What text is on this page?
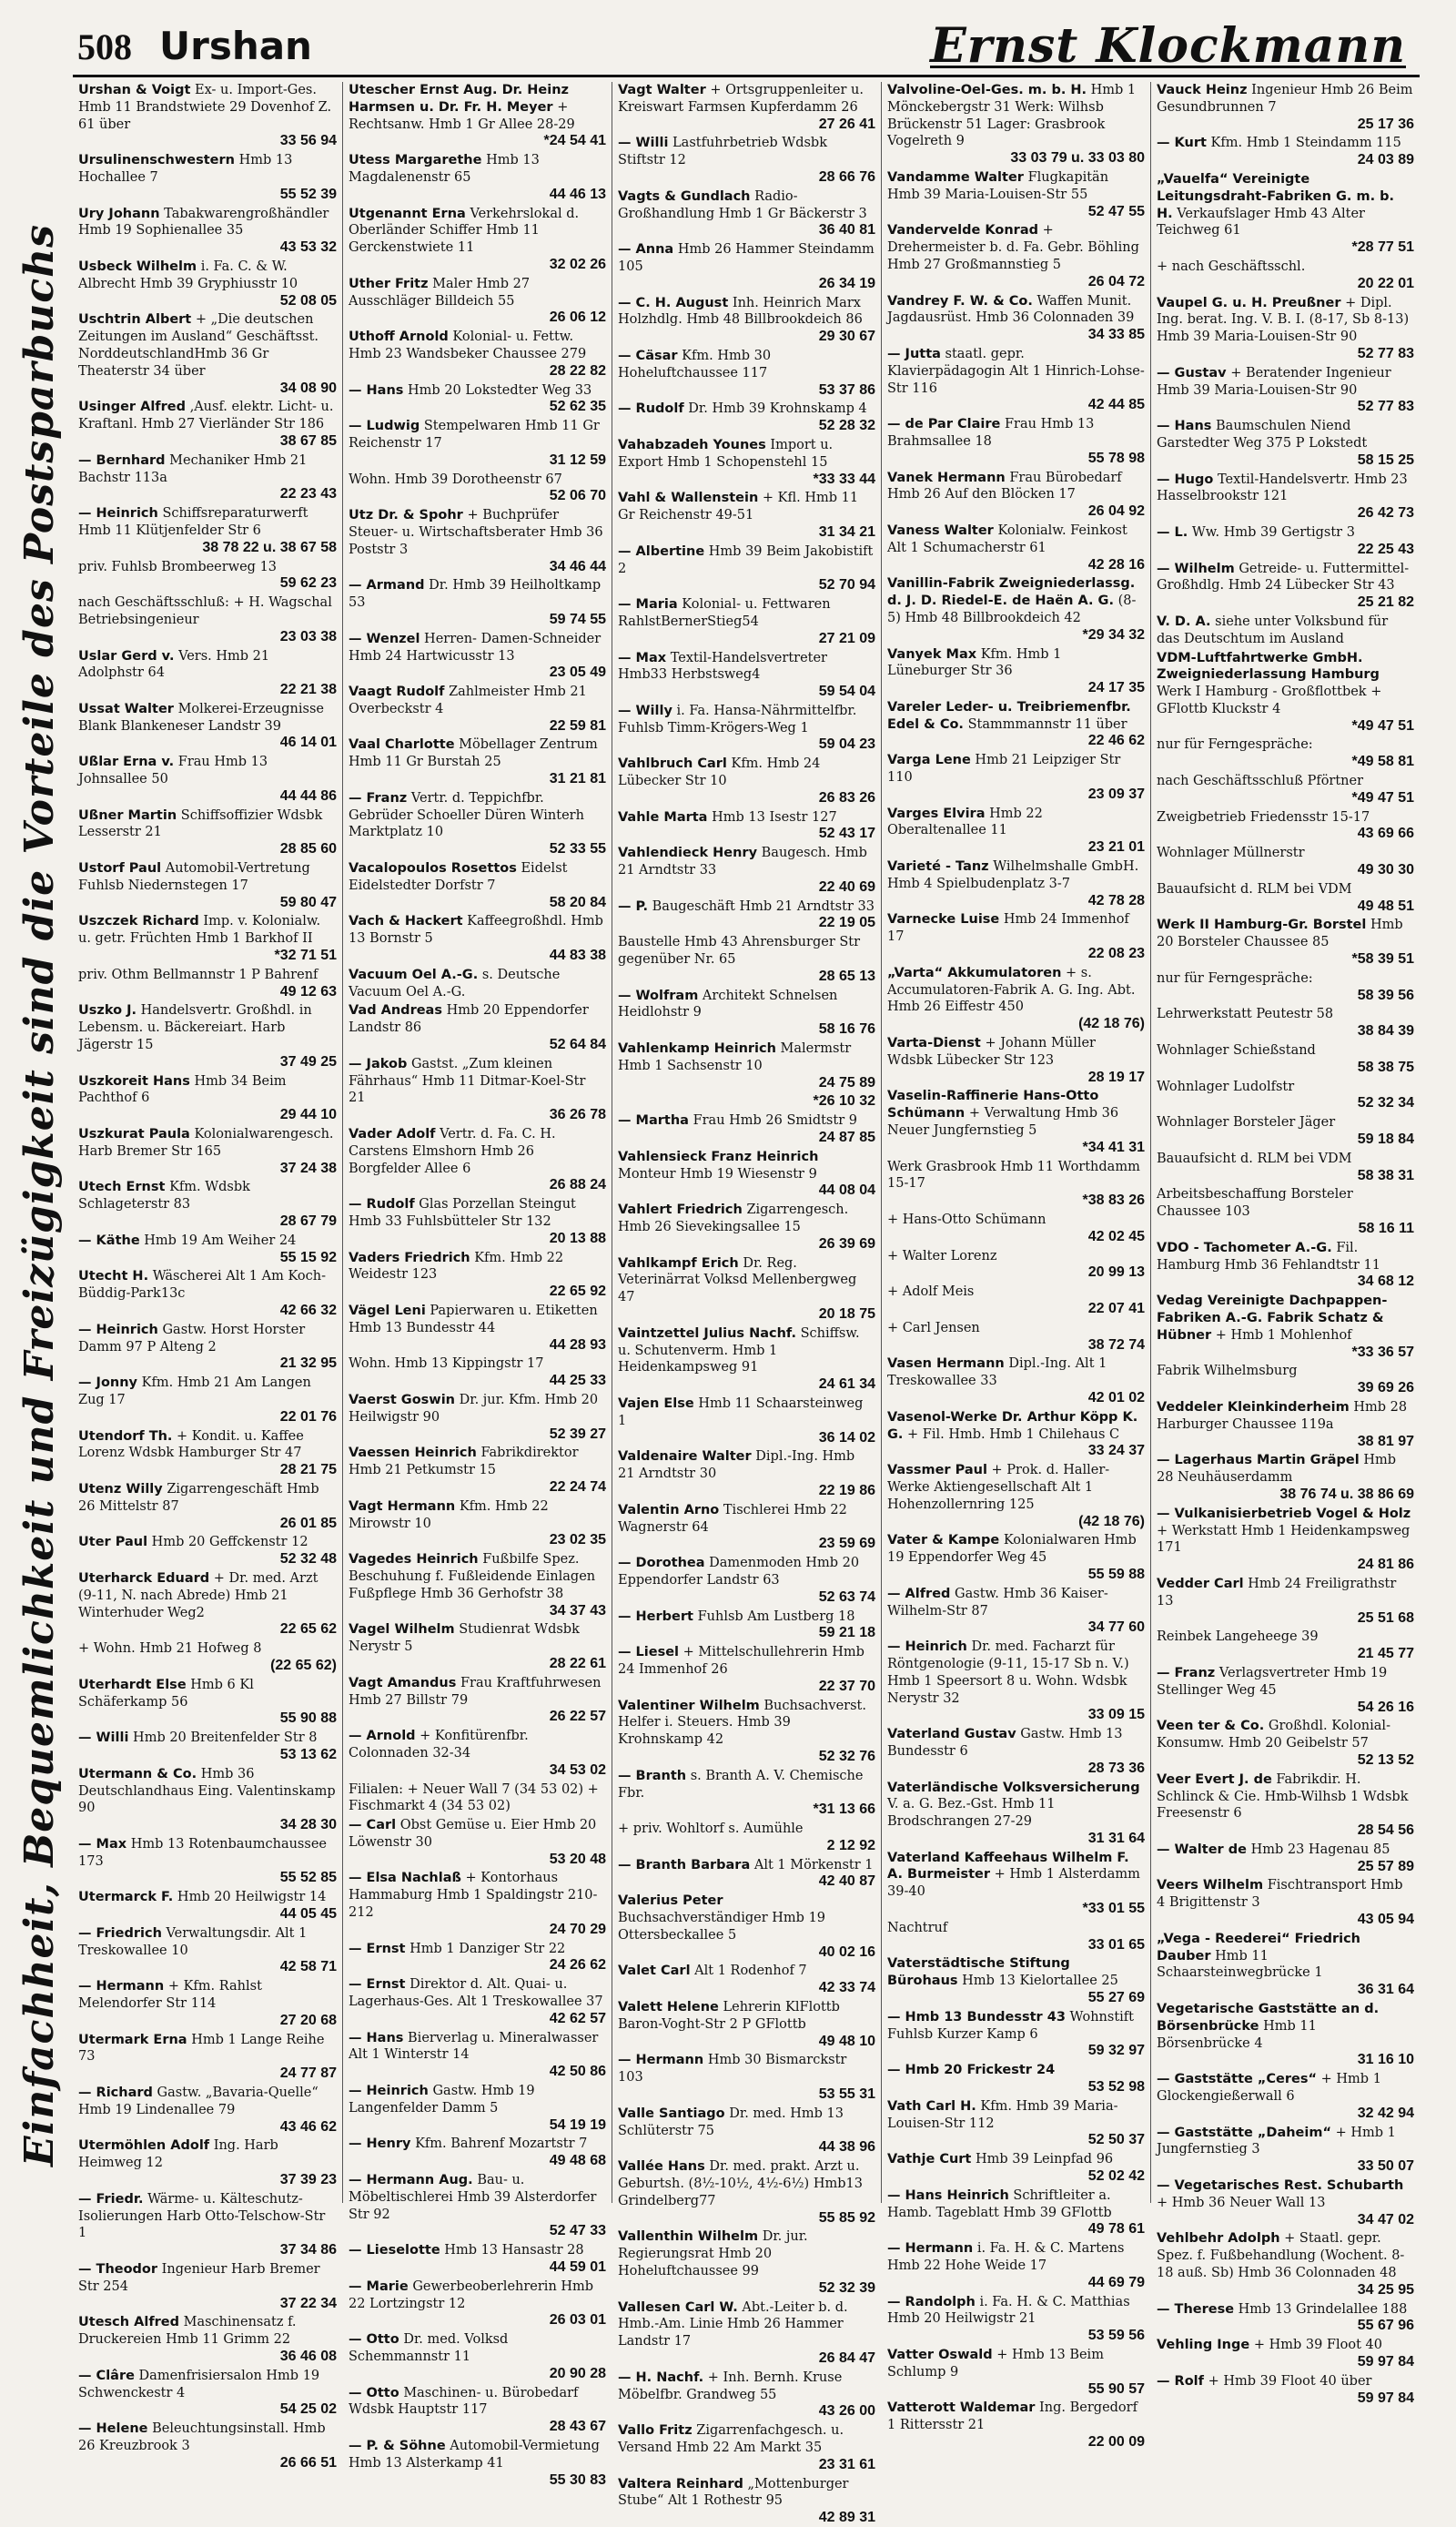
508 Urshan	Ernst Klockmann
Einfachheit, Bequemlichkeit und Freizügigkeit sind die Vorteile des Postsparbuchs
Urshan & Voigt Ex- u. Import-Ges. Hmb 11 Brandstwiete 29 Dovenhof Z. 61 über
33 56 94
Ursulinenschwestern Hmb 13 Hochallee 7
55 52 39
Ury Johann Tabakwarengroßhändler Hmb 19 Sophienallee 35
43 53 32
Usbeck Wilhelm i. Fa. C. & W. Albrecht Hmb 39 Gryphiusstr 10
52 08 05
Uschtrin Albert + „Die deutschen Zeitungen im Ausland“ Geschäftsst. NorddeutschlandHmb 36 Gr Theaterstr 34 über
34 08 90
Usinger Alfred ‚Ausf. elektr. Licht- u. Kraftanl. Hmb 27 Vierländer Str 186
38 67 85
— Bernhard Mechaniker Hmb 21 Bachstr 113a
22 23 43
— Heinrich Schiffsreparaturwerft Hmb 11 Klütjenfelder Str 6
38 78 22 u. 38 67 58
priv. Fuhlsb Brombeerweg 13
59 62 23
nach Geschäftsschluß: + H. Wagschal Betriebsingenieur
23 03 38
Uslar Gerd v. Vers. Hmb 21 Adolphstr 64
22 21 38
Ussat Walter Molkerei-Erzeugnisse Blank Blankeneser Landstr 39
46 14 01
Ußlar Erna v. Frau Hmb 13 Johnsallee 50
44 44 86
Ußner Martin Schiffsoffizier Wdsbk Lesserstr 21
28 85 60
Ustorf Paul Automobil-Vertretung Fuhlsb Niedernstegen 17
59 80 47
Uszczek Richard Imp. v. Kolonialw. u. getr. Früchten Hmb 1 Barkhof II
*32 71 51
priv. Othm Bellmannstr 1 P Bahrenf
49 12 63
Uszko J. Handelsvertr. Großhdl. in Lebensm. u. Bäckereiart. Harb Jägerstr 15
37 49 25
Uszkoreit Hans Hmb 34 Beim Pachthof 6
29 44 10
Uszkurat Paula Kolonialwarengesch. Harb Bremer Str 165
37 24 38
Utech Ernst Kfm. Wdsbk Schlageterstr 83
28 67 79
— Käthe Hmb 19 Am Weiher 24
55 15 92
Utecht H. Wäscherei Alt 1 Am Koch-Büddig-Park13c
42 66 32
— Heinrich Gastw. Horst Horster Damm 97 P Alteng 2
21 32 95
— Jonny Kfm. Hmb 21 Am Langen Zug 17
22 01 76
Utendorf Th. + Kondit. u. Kaffee Lorenz Wdsbk Hamburger Str 47
28 21 75
Utenz Willy Zigarrengeschäft Hmb 26 Mittelstr 87
26 01 85
Uter Paul Hmb 20 Geffckenstr 12
52 32 48
Uterharck Eduard + Dr. med. Arzt (9-11, N. nach Abrede) Hmb 21 Winterhuder Weg2
22 65 62
+ Wohn. Hmb 21 Hofweg 8
(22 65 62)
Uterhardt Else Hmb 6 Kl Schäferkamp 56
55 90 88
— Willi Hmb 20 Breitenfelder Str 8
53 13 62
Utermann & Co. Hmb 36 Deutschlandhaus Eing. Valentinskamp 90
34 28 30
— Max Hmb 13 Rotenbaumchaussee 173
55 52 85
Utermarck F. Hmb 20 Heilwigstr 14
44 05 45
— Friedrich Verwaltungsdir. Alt 1 Treskowallee 10
42 58 71
— Hermann + Kfm. Rahlst Melendorfer Str 114
27 20 68
Utermark Erna Hmb 1 Lange Reihe 73
24 77 87
— Richard Gastw. „Bavaria-Quelle“ Hmb 19 Lindenallee 79
43 46 62
Utermöhlen Adolf Ing. Harb Heimweg 12
37 39 23
— Friedr. Wärme- u. Kälteschutz-Isolierungen Harb Otto-Telschow-Str 1
37 34 86
— Theodor Ingenieur Harb Bremer Str 254
37 22 34
Utesch Alfred Maschinensatz f. Druckereien Hmb 11 Grimm 22
36 46 08
— Clâre Damenfrisiersalon Hmb 19 Schwenckestr 4
54 25 02
— Helene Beleuchtungsinstall. Hmb 26 Kreuzbrook 3
26 66 51
Utescher Ernst Aug. Dr. Heinz Harmsen u. Dr. Fr. H. Meyer + Rechtsanw. Hmb 1 Gr Allee 28-29
*24 54 41
Utess Margarethe Hmb 13 Magdalenenstr 65
44 46 13
Utgenannt Erna Verkehrslokal d. Oberländer Schiffer Hmb 11 Gerckenstwiete 11
32 02 26
Uther Fritz Maler Hmb 27 Ausschläger Billdeich 55
26 06 12
Uthoff Arnold Kolonial- u. Fettw. Hmb 23 Wandsbeker Chaussee 279
28 22 82
— Hans Hmb 20 Lokstedter Weg 33
52 62 35
— Ludwig Stempelwaren Hmb 11 Gr Reichenstr 17
31 12 59
Wohn. Hmb 39 Dorotheenstr 67
52 06 70
Utz Dr. & Spohr + Buchprüfer Steuer- u. Wirtschaftsberater Hmb 36 Poststr 3
34 46 44
— Armand Dr. Hmb 39 Heilholtkamp 53
59 74 55
— Wenzel Herren- Damen-Schneider Hmb 24 Hartwicusstr 13
23 05 49
Vaagt Rudolf Zahlmeister Hmb 21 Overbeckstr 4
22 59 81
Vaal Charlotte Möbellager Zentrum Hmb 11 Gr Burstah 25
31 21 81
— Franz Vertr. d. Teppichfbr. Gebrüder Schoeller Düren Winterh Marktplatz 10
52 33 55
Vacalopoulos Rosettos Eidelst Eidelstedter Dorfstr 7
58 20 84
Vach & Hackert Kaffeegroßhdl. Hmb 13 Bornstr 5
44 83 38
Vacuum Oel A.-G. s. Deutsche Vacuum Oel A.-G.
Vad Andreas Hmb 20 Eppendorfer Landstr 86
52 64 84
— Jakob Gastst. „Zum kleinen Fährhaus“ Hmb 11 Ditmar-Koel-Str 21
36 26 78
Vader Adolf Vertr. d. Fa. C. H. Carstens Elmshorn Hmb 26 Borgfelder Allee 6
26 88 24
— Rudolf Glas Porzellan Steingut Hmb 33 Fuhlsbütteler Str 132
20 13 88
Vaders Friedrich Kfm. Hmb 22 Weidestr 123
22 65 92
Vägel Leni Papierwaren u. Etiketten Hmb 13 Bundesstr 44
44 28 93
Wohn. Hmb 13 Kippingstr 17
44 25 33
Vaerst Goswin Dr. jur. Kfm. Hmb 20 Heilwigstr 90
52 39 27
Vaessen Heinrich Fabrikdirektor Hmb 21 Petkumstr 15
22 24 74
Vagt Hermann Kfm. Hmb 22 Mirowstr 10
23 02 35
Vagedes Heinrich Fußbilfe Spez. Beschuhung f. Fußleidende Einlagen Fußpflege Hmb 36 Gerhofstr 38
34 37 43
Vagel Wilhelm Studienrat Wdsbk Nerystr 5
28 22 61
Vagt Amandus Frau Kraftfuhrwesen Hmb 27 Billstr 79
26 22 57
— Arnold + Konfitürenfbr. Colonnaden 32-34
34 53 02
Filialen: + Neuer Wall 7 (34 53 02) + Fischmarkt 4 (34 53 02)
— Carl Obst Gemüse u. Eier Hmb 20 Löwenstr 30
53 20 48
— Elsa Nachlaß + Kontorhaus Hammaburg Hmb 1 Spaldingstr 210-212
24 70 29
— Ernst Hmb 1 Danziger Str 22
24 26 62
— Ernst Direktor d. Alt. Quai- u. Lagerhaus-Ges. Alt 1 Treskowallee 37
42 62 57
— Hans Bierverlag u. Mineralwasser Alt 1 Winterstr 14
42 50 86
— Heinrich Gastw. Hmb 19 Langenfelder Damm 5
54 19 19
— Henry Kfm. Bahrenf Mozartstr 7
49 48 68
— Hermann Aug. Bau- u. Möbeltischlerei Hmb 39 Alsterdorfer Str 92
52 47 33
— Lieselotte Hmb 13 Hansastr 28
44 59 01
— Marie Gewerbeoberlehrerin Hmb 22 Lortzingstr 12
26 03 01
— Otto Dr. med. Volksd Schemmannstr 11
20 90 28
— Otto Maschinen- u. Bürobedarf Wdsbk Hauptstr 117
28 43 67
— P. & Söhne Automobil-Vermietung Hmb 13 Alsterkamp 41
55 30 83
Vagt Walter + Ortsgruppenleiter u. Kreiswart Farmsen Kupferdamm 26
27 26 41
— Willi Lastfuhrbetrieb Wdsbk Stiftstr 12
28 66 76
Vagts & Gundlach Radio-Großhandlung Hmb 1 Gr Bäckerstr 3
36 40 81
— Anna Hmb 26 Hammer Steindamm 105
26 34 19
— C. H. August Inh. Heinrich Marx Holzhdlg. Hmb 48 Billbrookdeich 86
29 30 67
— Cäsar Kfm. Hmb 30 Hoheluftchaussee 117
53 37 86
— Rudolf Dr. Hmb 39 Krohnskamp 4
52 28 32
Vahabzadeh Younes Import u. Export Hmb 1 Schopenstehl 15
*33 33 44
Vahl & Wallenstein + Kfl. Hmb 11 Gr Reichenstr 49-51
31 34 21
— Albertine Hmb 39 Beim Jakobistift 2
52 70 94
— Maria Kolonial- u. Fettwaren RahlstBernerStieg54
27 21 09
— Max Textil-Handelsvertreter Hmb33 Herbstsweg4
59 54 04
— Willy i. Fa. Hansa-Nährmittelfbr. Fuhlsb Timm-Krögers-Weg 1
59 04 23
Vahlbruch Carl Kfm. Hmb 24 Lübecker Str 10
26 83 26
Vahle Marta Hmb 13 Isestr 127
52 43 17
Vahlendieck Henry Baugesch. Hmb 21 Arndtstr 33
22 40 69
— P. Baugeschäft Hmb 21 Arndtstr 33
22 19 05
Baustelle Hmb 43 Ahrensburger Str gegenüber Nr. 65
28 65 13
— Wolfram Architekt Schnelsen Heidlohstr 9
58 16 76
Vahlenkamp Heinrich Malermstr Hmb 1 Sachsenstr 10
24 75 89
*26 10 32
— Martha Frau Hmb 26 Smidtstr 9
24 87 85
Vahlensieck Franz Heinrich Monteur Hmb 19 Wiesenstr 9
44 08 04
Vahlert Friedrich Zigarrengesch. Hmb 26 Sievekingsallee 15
26 39 69
Vahlkampf Erich Dr. Reg. Veterinärrat Volksd Mellenbergweg 47
20 18 75
Vaintzettel Julius Nachf. Schiffsw. u. Schutenverm. Hmb 1 Heidenkampsweg 91
24 61 34
Vajen Else Hmb 11 Schaarsteinweg 1
36 14 02
Valdenaire Walter Dipl.-Ing. Hmb 21 Arndtstr 30
22 19 86
Valentin Arno Tischlerei Hmb 22 Wagnerstr 64
23 59 69
— Dorothea Damenmoden Hmb 20 Eppendorfer Landstr 63
52 63 74
— Herbert Fuhlsb Am Lustberg 18
59 21 18
— Liesel + Mittelschullehrerin Hmb 24 Immenhof 26
22 37 70
Valentiner Wilhelm Buchsachverst. Helfer i. Steuers. Hmb 39 Krohnskamp 42
52 32 76
— Branth s. Branth A. V. Chemische Fbr.
*31 13 66
+ priv. Wohltorf s. Aumühle
2 12 92
— Branth Barbara Alt 1 Mörkenstr 1
42 40 87
Valerius Peter Buchsachverständiger Hmb 19 Ottersbeckallee 5
40 02 16
Valet Carl Alt 1 Rodenhof 7
42 33 74
Valett Helene Lehrerin KlFlottb Baron-Voght-Str 2 P GFlottb
49 48 10
— Hermann Hmb 30 Bismarckstr 103
53 55 31
Valle Santiago Dr. med. Hmb 13 Schlüterstr 75
44 38 96
Vallée Hans Dr. med. prakt. Arzt u. Geburtsh. (8½-10½, 4½-6½) Hmb13 Grindelberg77
55 85 92
Vallenthin Wilhelm Dr. jur. Regierungsrat Hmb 20 Hoheluftchaussee 99
52 32 39
Vallesen Carl W. Abt.-Leiter b. d. Hmb.-Am. Linie Hmb 26 Hammer Landstr 17
26 84 47
— H. Nachf. + Inh. Bernh. Kruse Möbelfbr. Grandweg 55
43 26 00
Vallo Fritz Zigarrenfachgesch. u. Versand Hmb 22 Am Markt 35
23 31 61
Valtera Reinhard „Mottenburger Stube“ Alt 1 Rothestr 95
42 89 31
Valvoline-Oel-Ges. m. b. H. Hmb 1 Mönckebergstr 31 Werk: Wilhsb Brückenstr 51 Lager: Grasbrook Vogelreth 9
33 03 79 u. 33 03 80
Vandamme Walter Flugkapitän Hmb 39 Maria-Louisen-Str 55
52 47 55
Vandervelde Konrad + Drehermeister b. d. Fa. Gebr. Böhling Hmb 27 Großmannstieg 5
26 04 72
Vandrey F. W. & Co. Waffen Munit. Jagdausrüst. Hmb 36 Colonnaden 39
34 33 85
— Jutta staatl. gepr. Klavierpädagogin Alt 1 Hinrich-Lohse-Str 116
42 44 85
— de Par Claire Frau Hmb 13 Brahmsallee 18
55 78 98
Vanek Hermann Frau Bürobedarf Hmb 26 Auf den Blöcken 17
26 04 92
Vaness Walter Kolonialw. Feinkost Alt 1 Schumacherstr 61
42 28 16
Vanillin-Fabrik Zweigniederlassg. d. J. D. Riedel-E. de Haën A. G. (8-5) Hmb 48 Billbrookdeich 42
*29 34 32
Vanyek Max Kfm. Hmb 1 Lüneburger Str 36
24 17 35
Vareler Leder- u. Treibriemenfbr. Edel & Co. Stammmannstr 11 über
22 46 62
Varga Lene Hmb 21 Leipziger Str 110
23 09 37
Varges Elvira Hmb 22 Oberaltenallee 11
23 21 01
Varieté - Tanz Wilhelmshalle GmbH. Hmb 4 Spielbudenplatz 3-7
42 78 28
Varnecke Luise Hmb 24 Immenhof 17
22 08 23
„Varta“ Akkumulatoren + s. Accumulatoren-Fabrik A. G. Ing. Abt. Hmb 26 Eiffestr 450
(42 18 76)
Varta-Dienst + Johann Müller Wdsbk Lübecker Str 123
28 19 17
Vaselin-Raffinerie Hans-Otto Schümann + Verwaltung Hmb 36 Neuer Jungfernstieg 5
*34 41 31
Werk Grasbrook Hmb 11 Worthdamm 15-17
*38 83 26
+ Hans-Otto Schümann
42 02 45
+ Walter Lorenz
20 99 13
+ Adolf Meis
22 07 41
+ Carl Jensen
38 72 74
Vasen Hermann Dipl.-Ing. Alt 1 Treskowallee 33
42 01 02
Vasenol-Werke Dr. Arthur Köpp K. G. + Fil. Hmb. Hmb 1 Chilehaus C
33 24 37
Vassmer Paul + Prok. d. Haller-Werke Aktiengesellschaft Alt 1 Hohenzollernring 125
(42 18 76)
Vater & Kampe Kolonialwaren Hmb 19 Eppendorfer Weg 45
55 59 88
— Alfred Gastw. Hmb 36 Kaiser-Wilhelm-Str 87
34 77 60
— Heinrich Dr. med. Facharzt für Röntgenologie (9-11, 15-17 Sb n. V.) Hmb 1 Speersort 8 u. Wohn. Wdsbk Nerystr 32
33 09 15
Vaterland Gustav Gastw. Hmb 13 Bundesstr 6
28 73 36
Vaterländische Volksversicherung V. a. G. Bez.-Gst. Hmb 11 Brodschrangen 27-29
31 31 64
Vaterland Kaffeehaus Wilhelm F. A. Burmeister + Hmb 1 Alsterdamm 39-40
*33 01 55
Nachtruf
33 01 65
Vaterstädtische Stiftung Bürohaus Hmb 13 Kielortallee 25
55 27 69
— Hmb 13 Bundesstr 43 Wohnstift Fuhlsb Kurzer Kamp 6
59 32 97
— Hmb 20 Frickestr 24
53 52 98
Vath Carl H. Kfm. Hmb 39 Maria-Louisen-Str 112
52 50 37
Vathje Curt Hmb 39 Leinpfad 96
52 02 42
— Hans Heinrich Schriftleiter a. Hamb. Tageblatt Hmb 39 GFlottb
49 78 61
— Hermann i. Fa. H. & C. Martens Hmb 22 Hohe Weide 17
44 69 79
— Randolph i. Fa. H. & C. Matthias Hmb 20 Heilwigstr 21
53 59 56
Vatter Oswald + Hmb 13 Beim Schlump 9
55 90 57
Vatterott Waldemar Ing. Bergedorf 1 Rittersstr 21
22 00 09
Vauck Heinz Ingenieur Hmb 26 Beim Gesundbrunnen 7
25 17 36
— Kurt Kfm. Hmb 1 Steindamm 115
24 03 89
„Vauelfa“ Vereinigte Leitungsdraht-Fabriken G. m. b. H. Verkaufslager Hmb 43 Alter Teichweg 61
*28 77 51
+ nach Geschäftsschl.
20 22 01
Vaupel G. u. H. Preußner + Dipl. Ing. berat. Ing. V. B. I. (8-17, Sb 8-13) Hmb 39 Maria-Louisen-Str 90
52 77 83
— Gustav + Beratender Ingenieur Hmb 39 Maria-Louisen-Str 90
52 77 83
— Hans Baumschulen Niend Garstedter Weg 375 P Lokstedt
58 15 25
— Hugo Textil-Handelsvertr. Hmb 23 Hasselbrookstr 121
26 42 73
— L. Ww. Hmb 39 Gertigstr 3
22 25 43
— Wilhelm Getreide- u. Futtermittel-Großhdlg. Hmb 24 Lübecker Str 43
25 21 82
V. D. A. siehe unter Volksbund für das Deutschtum im Ausland
VDM-Luftfahrtwerke GmbH. Zweigniederlassung Hamburg Werk I Hamburg - Großflottbek + GFlottb Kluckstr 4
*49 47 51
nur für Ferngespräche:
*49 58 81
nach Geschäftsschluß Pförtner
*49 47 51
Zweigbetrieb Friedensstr 15-17
43 69 66
Wohnlager Müllnerstr
49 30 30
Bauaufsicht d. RLM bei VDM
49 48 51
Werk II Hamburg-Gr. Borstel Hmb 20 Borsteler Chaussee 85
*58 39 51
nur für Ferngespräche:
58 39 56
Lehrwerkstatt Peutestr 58
38 84 39
Wohnlager Schießstand
58 38 75
Wohnlager Ludolfstr
52 32 34
Wohnlager Borsteler Jäger
59 18 84
Bauaufsicht d. RLM bei VDM
58 38 31
Arbeitsbeschaffung Borsteler Chaussee 103
58 16 11
VDO - Tachometer A.-G. Fil. Hamburg Hmb 36 Fehlandtstr 11
34 68 12
Vedag Vereinigte Dachpappen-Fabriken A.-G. Fabrik Schatz & Hübner + Hmb 1 Mohlenhof
*33 36 57
Fabrik Wilhelmsburg
39 69 26
Veddeler Kleinkinderheim Hmb 28 Harburger Chaussee 119a
38 81 97
— Lagerhaus Martin Gräpel Hmb 28 Neuhäuserdamm
38 76 74 u. 38 86 69
— Vulkanisierbetrieb Vogel & Holz + Werkstatt Hmb 1 Heidenkampsweg 171
24 81 86
Vedder Carl Hmb 24 Freiligrathstr 13
25 51 68
Reinbek Langeheege 39
21 45 77
— Franz Verlagsvertreter Hmb 19 Stellinger Weg 45
54 26 16
Veen ter & Co. Großhdl. Kolonial- Konsumw. Hmb 20 Geibelstr 57
52 13 52
Veer Evert J. de Fabrikdir. H. Schlinck & Cie. Hmb-Wilhsb 1 Wdsbk Freesenstr 6
28 54 56
— Walter de Hmb 23 Hagenau 85
25 57 89
Veers Wilhelm Fischtransport Hmb 4 Brigittenstr 3
43 05 94
„Vega - Reederei“ Friedrich Dauber Hmb 11 Schaarsteinwegbrücke 1
36 31 64
Vegetarische Gaststätte an d. Börsenbrücke Hmb 11 Börsenbrücke 4
31 16 10
— Gaststätte „Ceres“ + Hmb 1 Glockengießerwall 6
32 42 94
— Gaststätte „Daheim“ + Hmb 1 Jungfernstieg 3
33 50 07
— Vegetarisches Rest. Schubarth + Hmb 36 Neuer Wall 13
34 47 02
Vehlbehr Adolph + Staatl. gepr. Spez. f. Fußbehandlung (Wochent. 8-18 auß. Sb) Hmb 36 Colonnaden 48
34 25 95
— Therese Hmb 13 Grindelallee 188
55 67 96
Vehling Inge + Hmb 39 Floot 40
59 97 84
— Rolf + Hmb 39 Floot 40 über
59 97 84
